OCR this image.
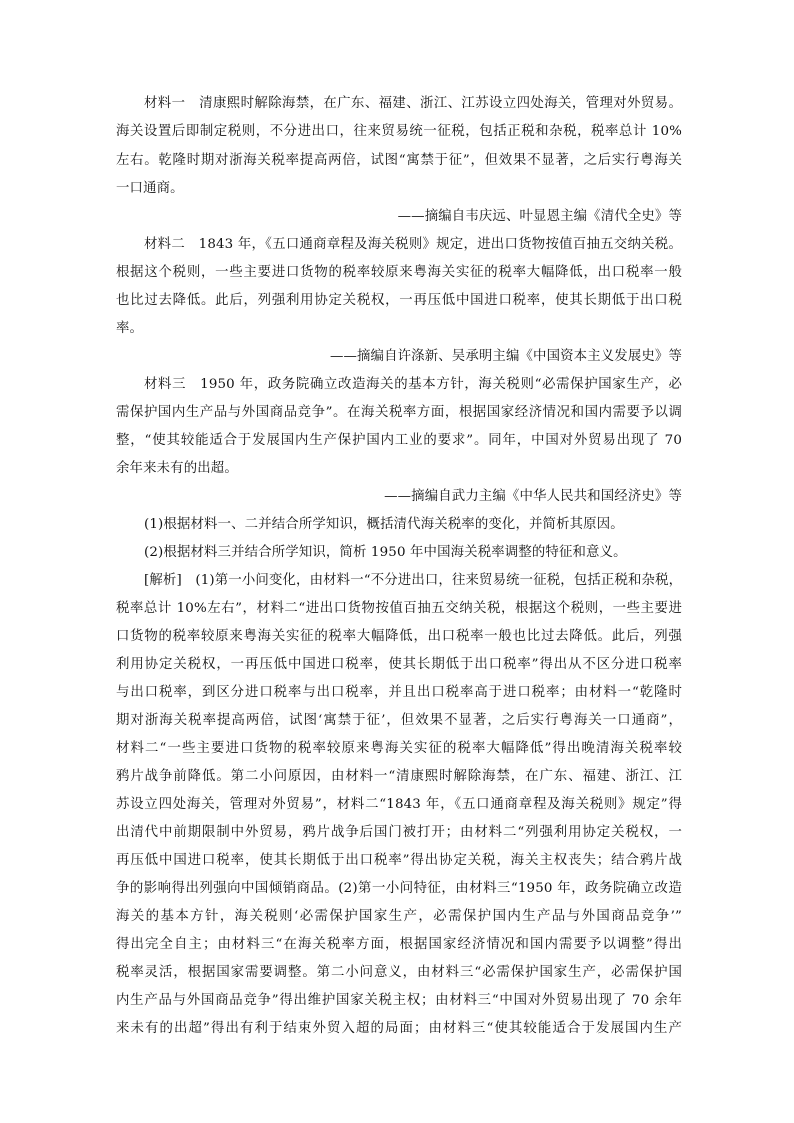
材料一　清康熙时解除海禁，在广东、福建、浙江、江苏设立四处海关，管理对外贸易。
海关设置后即制定税则，不分进出口，往来贸易统一征税，包括正税和杂税，税率总计 10%
左右。乾隆时期对浙海关税率提高两倍，试图“寓禁于征”，但效果不显著，之后实行粤海关
一口通商。
——摘编自韦庆远、叶显恩主编《清代全史》等
材料二　1843 年，《五口通商章程及海关税则》规定，进出口货物按值百抽五交纳关税。
根据这个税则，一些主要进口货物的税率较原来粤海关实征的税率大幅降低，出口税率一般
也比过去降低。此后，列强利用协定关税权，一再压低中国进口税率，使其长期低于出口税
率。
——摘编自许涤新、吴承明主编《中国资本主义发展史》等
材料三　1950 年，政务院确立改造海关的基本方针，海关税则“必需保护国家生产，必
需保护国内生产品与外国商品竞争”。在海关税率方面，根据国家经济情况和国内需要予以调
整，“使其较能适合于发展国内生产保护国内工业的要求”。同年，中国对外贸易出现了 70
余年来未有的出超。
——摘编自武力主编《中华人民共和国经济史》等
(1)根据材料一、二并结合所学知识，概括清代海关税率的变化，并简析其原因。
(2)根据材料三并结合所学知识，简析 1950 年中国海关税率调整的特征和意义。
[解析]　(1)第一小问变化，由材料一“不分进出口，往来贸易统一征税，包括正税和杂税，
税率总计 10%左右”，材料二“进出口货物按值百抽五交纳关税，根据这个税则，一些主要进
口货物的税率较原来粤海关实征的税率大幅降低，出口税率一般也比过去降低。此后，列强
利用协定关税权，一再压低中国进口税率，使其长期低于出口税率”得出从不区分进口税率
与出口税率，到区分进口税率与出口税率，并且出口税率高于进口税率；由材料一“乾隆时
期对浙海关税率提高两倍，试图‘寓禁于征’，但效果不显著，之后实行粤海关一口通商”，
材料二“一些主要进口货物的税率较原来粤海关实征的税率大幅降低”得出晚清海关税率较
鸦片战争前降低。第二小问原因，由材料一“清康熙时解除海禁，在广东、福建、浙江、江
苏设立四处海关，管理对外贸易”，材料二“1843 年，《五口通商章程及海关税则》规定”得
出清代中前期限制中外贸易，鸦片战争后国门被打开；由材料二“列强利用协定关税权，一
再压低中国进口税率，使其长期低于出口税率”得出协定关税，海关主权丧失；结合鸦片战
争的影响得出列强向中国倾销商品。(2)第一小问特征，由材料三“1950 年，政务院确立改造
海关的基本方针，海关税则‘必需保护国家生产，必需保护国内生产品与外国商品竞争’”
得出完全自主；由材料三“在海关税率方面，根据国家经济情况和国内需要予以调整”得出
税率灵活，根据国家需要调整。第二小问意义，由材料三“必需保护国家生产，必需保护国
内生产品与外国商品竞争”得出维护国家关税主权；由材料三“中国对外贸易出现了 70 余年
来未有的出超”得出有利于结束外贸入超的局面；由材料三“使其较能适合于发展国内生产
